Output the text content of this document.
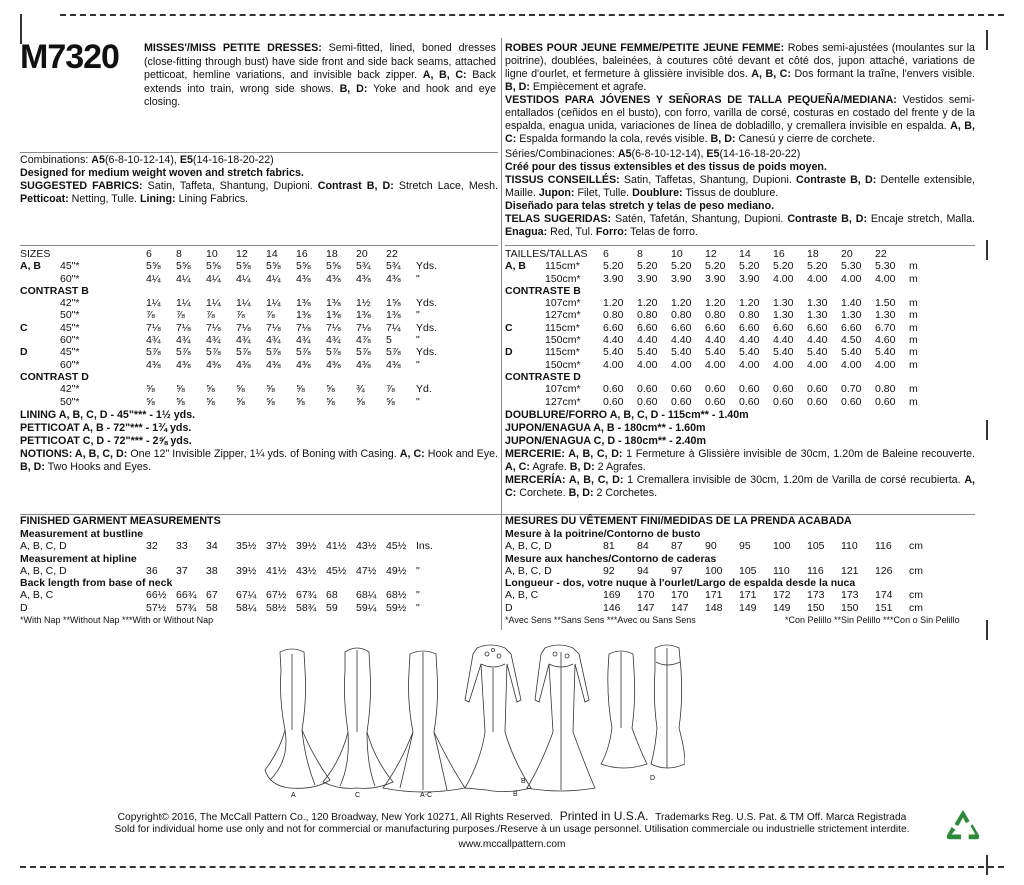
M7320 MISSES'/MISS PETITE DRESSES: Semi-fitted, lined, boned dresses (close-fitting through bust) have side front and side back seams, attached petticoat, hemline variations, and invisible back zipper. A, B, C: Back extends into train, wrong side shows. B, D: Yoke and hook and eye closing.

Combinations: A5(6-8-10-12-14), E5(14-16-18-20-22)

Designed for medium weight woven and stretch fabrics.

SUGGESTED FABRICS: Satin, Taffeta, Shantung, Dupioni. Contrast B, D: Stretch Lace, Mesh. Petticoat: Netting, Tulle. Lining: Lining Fabrics.

SIZES		6	8	10	12	14	16	18	20	22	
A, B	45"*	5⅝	5⅝	5⅝	5⅝	5⅝	5⅝	5⅝	5¾	5¾	Yds.
	60"*	4¼	4¼	4¼	4¼	4¼	4⅜	4⅜	4⅜	4⅜	"
CONTRAST B											
	42"*	1¼	1¼	1¼	1¼	1¼	1⅜	1⅜	1½	1⅝	Yds.
	50"*	⅞	⅞	⅞	⅞	⅞	1⅜	1⅜	1⅜	1⅜	"
C	45"*	7⅛	7⅛	7⅛	7⅛	7⅛	7⅛	7⅛	7⅛	7¼	Yds.
	60"*	4¾	4¾	4¾	4¾	4¾	4¾	4¾	4⅞	5	"
D	45"*	5⅞	5⅞	5⅞	5⅞	5⅞	5⅞	5⅞	5⅞	5⅞	Yds.
	60"*	4⅜	4⅜	4⅜	4⅜	4⅜	4⅜	4⅜	4⅜	4⅜	"
CONTRAST D											
	42"*	⅝	⅝	⅝	⅝	⅝	⅝	⅝	¾	⅞	Yd.
	50"*	⅝	⅝	⅝	⅝	⅝	⅝	⅝	⅝	⅝	"

LINING A, B, C, D - 45"*** - 1½ yds.

PETTICOAT A, B - 72"*** - 1¾ yds.

PETTICOAT C, D - 72"*** - 2⅝ yds.

NOTIONS: A, B, C, D: One 12" Invisible Zipper, 1¼ yds. of Boning with Casing. A, C: Hook and Eye. B, D: Two Hooks and Eyes.

FINISHED GARMENT MEASUREMENTS

Measurement at bustline										
A, B, C, D	32	33	34	35½	37½	39½	41½	43½	45½	Ins.
Measurement at hipline										
A, B, C, D	36	37	38	39½	41½	43½	45½	47½	49½	"
Back length from base of neck										
A, B, C	66½	66¾	67	67¼	67½	67¾	68	68¼	68½	"
D	57½	57¾	58	58¼	58½	58¾	59	59¼	59½	"

*With Nap **Without Nap ***With or Without Nap

ROBES POUR JEUNE FEMME/PETITE JEUNE FEMME: Robes semi-ajustées (moulantes sur la poitrine), doublées, baleinées, à coutures côté devant et côté dos, jupon attaché, variations de ligne d'ourlet, et fermeture à glissière invisible dos. A, B, C: Dos formant la traîne, l'envers visible. B, D: Empiècement et agrafe.

VESTIDOS PARA JÓVENES Y SEÑORAS DE TALLA PEQUEÑA/MEDIANA: Vestidos semi-entallados (ceñidos en el busto), con forro, varilla de corsé, costuras en costado del frente y de la espalda, enagua unida, variaciones de línea de dobladillo, y cremallera invisible en espalda. A, B, C: Espalda formando la cola, revés visible. B, D: Canesú y cierre de corchete.

Séries/Combinaciones: A5(6-8-10-12-14), E5(14-16-18-20-22)

Créé pour des tissus extensibles et des tissus de poids moyen.

TISSUS CONSEILLÉS: Satin, Taffetas, Shantung, Dupioni. Contraste B, D: Dentelle extensible, Maille. Jupon: Filet, Tulle. Doublure: Tissus de doublure.

Diseñado para telas stretch y telas de peso mediano.

TELAS SUGERIDAS: Satén, Tafetán, Shantung, Dupioni. Contraste B, D: Encaje stretch, Malla. Enagua: Red, Tul. Forro: Telas de forro.

TAILLES/TALLAS		6	8	10	12	14	16	18	20	22	
A, B	115cm*	5.20	5.20	5.20	5.20	5.20	5.20	5.20	5.30	5.30	m
	150cm*	3.90	3.90	3.90	3.90	3.90	4.00	4.00	4.00	4.00	m
CONTRASTE B											
	107cm*	1.20	1.20	1.20	1.20	1.20	1.30	1.30	1.40	1.50	m
	127cm*	0.80	0.80	0.80	0.80	0.80	1.30	1.30	1.30	1.30	m
C	115cm*	6.60	6.60	6.60	6.60	6.60	6.60	6.60	6.60	6.70	m
	150cm*	4.40	4.40	4.40	4.40	4.40	4.40	4.40	4.50	4.60	m
D	115cm*	5.40	5.40	5.40	5.40	5.40	5.40	5.40	5.40	5.40	m
	150cm*	4.00	4.00	4.00	4.00	4.00	4.00	4.00	4.00	4.00	m
CONTRASTE D											
	107cm*	0.60	0.60	0.60	0.60	0.60	0.60	0.60	0.70	0.80	m
	127cm*	0.60	0.60	0.60	0.60	0.60	0.60	0.60	0.60	0.60	m

DOUBLURE/FORRO A, B, C, D - 115cm** - 1.40m

JUPON/ENAGUA A, B - 180cm** - 1.60m

JUPON/ENAGUA C, D - 180cm** - 2.40m

MERCERIE: A, B, C, D: 1 Fermeture à Glissière invisible de 30cm, 1.20m de Baleine recouverte. A, C: Agrafe. B, D: 2 Agrafes.

MERCERÍA: A, B, C, D: 1 Cremallera invisible de 30cm, 1.20m de Varilla de corsé recubierta. A, C: Corchete. B, D: 2 Corchetes.

MESURES DU VÊTEMENT FINI/MEDIDAS DE LA PRENDA ACABADA

Mesure à la poitrine/Contorno de busto										
A, B, C, D	81	84	87	90	95	100	105	110	116	cm
Mesure aux hanches/Contorno de caderas										
A, B, C, D	92	94	97	100	105	110	116	121	126	cm
Longueur - dos, votre nuque à l'ourlet/Largo de espalda desde la nuca										
A, B, C	169	170	170	171	171	172	173	173	174	cm
D	146	147	147	148	149	149	150	150	151	cm

*Avec Sens **Sans Sens ***Avec ou Sans Sens	*Con Pelillo **Sin Pelillo ***Con o Sin Pelillo

A	C	A-C
B
B
D
Copyright© 2016, The McCall Pattern Co., 120 Broadway, New York 10271, All Rights Reserved. Printed in U.S.A. Trademarks Reg. U.S. Pat. & TM Off. Marca Registrada
Sold for individual home use only and not for commercial or manufacturing purposes./Reserve à un usage personnel. Utilisation commerciale ou industrielle strictement interdite.
www.mccallpattern.com
